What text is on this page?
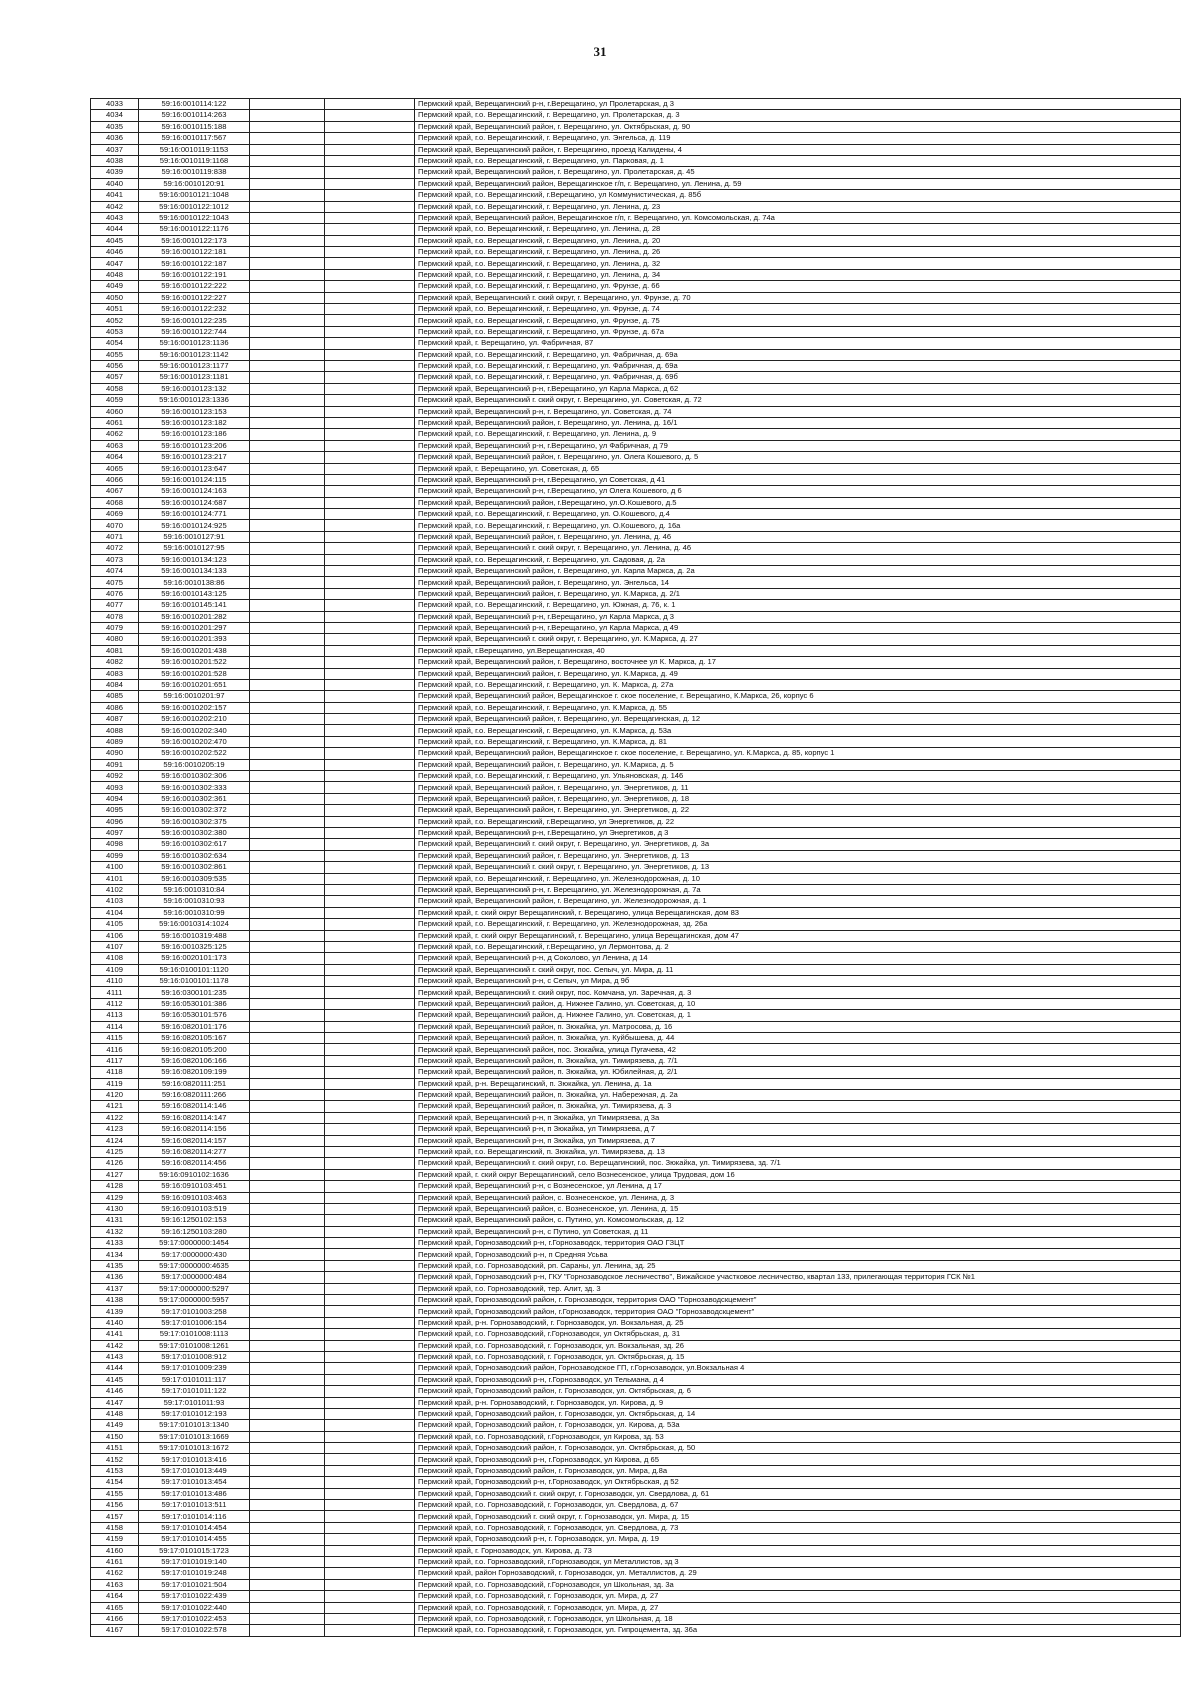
31
4033	59:16:0010114:122			Пермский край, Верещагинский р-н, г.Верещагино, ул Пролетарская, д 3
4034	59:16:0010114:263			Пермский край, г.о. Верещагинский, г. Верещагино, ул. Пролетарская, д. 3
4035	59:16:0010115:188			Пермский край, Верещагинский район, г. Верещагино, ул. Октябрьская, д. 90
4036	59:16:0010117:567			Пермский край, г.о. Верещагинский, г. Верещагино, ул. Энгельса, д. 119
4037	59:16:0010119:1153			Пермский край, Верещагинский район, г. Верещагино, проезд Калидены, 4
4038	59:16:0010119:1168			Пермский край, г.о. Верещагинский, г. Верещагино, ул. Парковая, д. 1
4039	59:16:0010119:838			Пермский край, Верещагинский район, г. Верещагино, ул. Пролетарская, д. 45
4040	59:16:0010120:91			Пермский край, Верещагинский район, Верещагинское г/п, г. Верещагино, ул. Ленина, д. 59
4041	59:16:0010121:1048			Пермский край, г.о. Верещагинский, г.Верещагино, ул Коммунистическая, д. 85б
4042	59:16:0010122:1012			Пермский край, г.о. Верещагинский, г. Верещагино, ул. Ленина, д. 23
4043	59:16:0010122:1043			Пермский край, Верещагинский район, Верещагинское г/п, г. Верещагино, ул. Комсомольская, д. 74а
4044	59:16:0010122:1176			Пермский край, г.о. Верещагинский, г. Верещагино, ул. Ленина, д. 28
4045	59:16:0010122:173			Пермский край, г.о. Верещагинский, г. Верещагино, ул. Ленина, д. 20
4046	59:16:0010122:181			Пермский край, г.о. Верещагинский, г. Верещагино, ул. Ленина, д. 26
4047	59:16:0010122:187			Пермский край, г.о. Верещагинский, г. Верещагино, ул. Ленина, д. 32
4048	59:16:0010122:191			Пермский край, г.о. Верещагинский, г. Верещагино, ул. Ленина, д. 34
4049	59:16:0010122:222			Пермский край, г.о. Верещагинский, г. Верещагино, ул. Фрунзе, д. 66
4050	59:16:0010122:227			Пермский край, Верещагинский г. ский округ, г. Верещагино, ул. Фрунзе, д. 70
4051	59:16:0010122:232			Пермский край, г.о. Верещагинский, г. Верещагино, ул. Фрунзе, д. 74
4052	59:16:0010122:235			Пермский край, г.о. Верещагинский, г. Верещагино, ул. Фрунзе, д. 75
4053	59:16:0010122:744			Пермский край, г.о. Верещагинский, г. Верещагино, ул. Фрунзе, д. 67а
4054	59:16:0010123:1136			Пермский край, г. Верещагино, ул. Фабричная, 87
4055	59:16:0010123:1142			Пермский край, г.о. Верещагинский, г. Верещагино, ул. Фабричная, д. 69а
4056	59:16:0010123:1177			Пермский край, г.о. Верещагинский, г. Верещагино, ул. Фабричная, д. 69а
4057	59:16:0010123:1181			Пермский край, г.о. Верещагинский, г. Верещагино, ул. Фабричная, д. 69б
4058	59:16:0010123:132			Пермский край, Верещагинский р-н, г.Верещагино, ул Карла Маркса, д 62
4059	59:16:0010123:1336			Пермский край, Верещагинский г. ский округ, г. Верещагино, ул. Советская, д. 72
4060	59:16:0010123:153			Пермский край, Верещагинский р-н, г. Верещагино, ул. Советская, д. 74
4061	59:16:0010123:182			Пермский край, Верещагинский район, г. Верещагино, ул. Ленина, д. 16/1
4062	59:16:0010123:186			Пермский край, г.о. Верещагинский, г. Верещагино, ул. Ленина, д. 9
4063	59:16:0010123:206			Пермский край, Верещагинский р-н, г.Верещагино, ул Фабричная, д 79
4064	59:16:0010123:217			Пермский край, Верещагинский район, г. Верещагино, ул. Олега Кошевого, д. 5
4065	59:16:0010123:647			Пермский край, г. Верещагино, ул. Советская, д. 65
4066	59:16:0010124:115			Пермский край, Верещагинский р-н, г.Верещагино, ул Советская, д 41
4067	59:16:0010124:163			Пермский край, Верещагинский р-н, г.Верещагино, ул Олега Кошевого, д 6
4068	59:16:0010124:687			Пермский край, Верещагинский район, г.Верещагино, ул.О.Кошевого, д.5
4069	59:16:0010124:771			Пермский край, г.о. Верещагинский, г. Верещагино, ул. О.Кошевого, д.4
4070	59:16:0010124:925			Пермский край, г.о. Верещагинский, г. Верещагино, ул. О.Кошевого, д. 16а
4071	59:16:0010127:91			Пермский край, Верещагинский район, г. Верещагино, ул. Ленина, д. 46
4072	59:16:0010127:95			Пермский край, Верещагинский г. ский округ, г. Верещагино, ул. Ленина, д. 46
4073	59:16:0010134:123			Пермский край, г.о. Верещагинский, г. Верещагино, ул. Садовая, д. 2а
4074	59:16:0010134:133			Пермский край, Верещагинский район, г. Верещагино, ул. Карла Маркса, д. 2а
4075	59:16:0010138:86			Пермский край, Верещагинский район, г. Верещагино, ул. Энгельса, 14
4076	59:16:0010143:125			Пермский край, Верещагинский район, г. Верещагино, ул. К.Маркса, д. 2/1
4077	59:16:0010145:141			Пермский край, г.о. Верещагинский, г. Верещагино, ул. Южная, д. 76, к. 1
4078	59:16:0010201:282			Пермский край, Верещагинский р-н, г.Верещагино, ул Карла Маркса, д 3
4079	59:16:0010201:297			Пермский край, Верещагинский р-н, г.Верещагино, ул Карла Маркса, д 49
4080	59:16:0010201:393			Пермский край, Верещагинский г. ский округ, г. Верещагино, ул. К.Маркса, д. 27
4081	59:16:0010201:438			Пермский край, г.Верещагино, ул.Верещагинская, 40
4082	59:16:0010201:522			Пермский край, Верещагинский район, г. Верещагино, восточнее ул К. Маркса, д. 17
4083	59:16:0010201:528			Пермский край, Верещагинский район, г. Верещагино, ул. К.Маркса, д. 49
4084	59:16:0010201:651			Пермский край, г.о. Верещагинский, г. Верещагино, ул. К. Маркса, д. 27а
4085	59:16:0010201:97			Пермский край, Верещагинский район, Верещагинское г. ское поселение, г. Верещагино, К.Маркса, 26, корпус 6
4086	59:16:0010202:157			Пермский край, г.о. Верещагинский, г. Верещагино, ул. К.Маркса, д. 55
4087	59:16:0010202:210			Пермский край, Верещагинский район, г. Верещагино, ул. Верещагинская, д. 12
4088	59:16:0010202:340			Пермский край, г.о. Верещагинский, г. Верещагино, ул. К.Маркса, д. 53а
4089	59:16:0010202:470			Пермский край, г.о. Верещагинский, г. Верещагино, ул. К.Маркса, д. 81
4090	59:16:0010202:522			Пермский край, Верещагинский район, Верещагинское г. ское поселение, г. Верещагино, ул. К.Маркса, д. 85, корпус 1
4091	59:16:0010205:19			Пермский край, Верещагинский район, г. Верещагино, ул. К.Маркса, д. 5
4092	59:16:0010302:306			Пермский край, г.о. Верещагинский, г. Верещагино, ул. Ульяновская, д. 146
4093	59:16:0010302:333			Пермский край, Верещагинский район, г. Верещагино, ул. Энергетиков, д. 11
4094	59:16:0010302:361			Пермский край, Верещагинский район, г. Верещагино, ул. Энергетиков, д. 18
4095	59:16:0010302:372			Пермский край, Верещагинский район, г. Верещагино, ул. Энергетиков, д. 22
4096	59:16:0010302:375			Пермский край, г.о. Верещагинский, г.Верещагино, ул Энергетиков, д. 22
4097	59:16:0010302:380			Пермский край, Верещагинский р-н, г.Верещагино, ул Энергетиков, д 3
4098	59:16:0010302:617			Пермский край, Верещагинский г. ский округ, г. Верещагино, ул. Энергетиков, д. 3а
4099	59:16:0010302:634			Пермский край, Верещагинский район, г. Верещагино, ул. Энергетиков, д. 13
4100	59:16:0010302:861			Пермский край, Верещагинский г. ский округ, г. Верещагино, ул. Энергетиков, д. 13
4101	59:16:0010309:535			Пермский край, г.о. Верещагинский, г. Верещагино, ул. Железнодорожная, д. 10
4102	59:16:0010310:84			Пермский край, Верещагинский р-н, г. Верещагино, ул. Железнодорожная, д. 7а
4103	59:16:0010310:93			Пермский край, Верещагинский район, г. Верещагино, ул. Железнодорожная, д. 1
4104	59:16:0010310:99			Пермский край, г. ский округ Верещагинский, г. Верещагино, улица Верещагинская, дом 83
4105	59:16:0010314:1024			Пермский край, г.о. Верещагинский, г. Верещагино, ул. Железнодорожная, зд. 26а
4106	59:16:0010319:488			Пермский край, г. ский округ Верещагинский, г. Верещагино, улица Верещагинская, дом 47
4107	59:16:0010325:125			Пермский край, г.о. Верещагинский, г.Верещагино, ул Лермонтова, д. 2
4108	59:16:0020101:173			Пермский край, Верещагинский р-н, д Соколово, ул Ленина, д 14
4109	59:16:0100101:1120			Пермский край, Верещагинский г. ский округ, пос. Сепыч, ул. Мира, д. 11
4110	59:16:0100101:1178			Пермский край, Верещагинский р-н, с Сепыч, ул Мира, д 9б
4111	59:16:0300101:235			Пермский край, Верещагинский г. ский округ, пос. Комчана, ул. Заречная, д. 3
4112	59:16:0530101:386			Пермский край, Верещагинский район, д. Нижнее Галино, ул. Советская, д. 10
4113	59:16:0530101:576			Пермский край, Верещагинский район, д. Нижнее Галино, ул. Советская, д. 1
4114	59:16:0820101:176			Пермский край, Верещагинский район, п. Зюкайка, ул. Матросова, д. 16
4115	59:16:0820105:167			Пермский край, Верещагинский район, п. Зюкайка, ул. Куйбышева, д. 44
4116	59:16:0820105:200			Пермский край, Верещагинский район, пос. Зюкайка, улица Пугачева, 42
4117	59:16:0820106:166			Пермский край, Верещагинский район, п. Зюкайка, ул. Тимирязева, д. 7/1
4118	59:16:0820109:199			Пермский край, Верещагинский район, п. Зюкайка, ул. Юбилейная, д. 2/1
4119	59:16:0820111:251			Пермский край, р-н. Верещагинский, п. Зюкайка, ул. Ленина, д. 1а
4120	59:16:0820111:266			Пермский край, Верещагинский район, п. Зюкайка, ул. Набережная, д. 2а
4121	59:16:0820114:146			Пермский край, Верещагинский район, п. Зюкайка, ул. Тимирязева, д. 3
4122	59:16:0820114:147			Пермский край, Верещагинский р-н, п Зюкайка, ул Тимирязева, д 3а
4123	59:16:0820114:156			Пермский край, Верещагинский р-н, п Зюкайка, ул Тимирязева, д 7
4124	59:16:0820114:157			Пермский край, Верещагинский р-н, п Зюкайка, ул Тимирязева, д 7
4125	59:16:0820114:277			Пермский край, г.о. Верещагинский, п. Зюкайка, ул. Тимирязева, д. 13
4126	59:16:0820114:456			Пермский край, Верещагинский г. ский округ, г.о. Верещагинский, пос. Зюкайка, ул. Тимирязева, зд. 7/1
4127	59:16:0910102:1636			Пермский край, г. ский округ Верещагинский, село Вознесенское, улица Трудовая, дом 16
4128	59:16:0910103:451			Пермский край, Верещагинский р-н, с Вознесенское, ул Ленина, д 17
4129	59:16:0910103:463			Пермский край, Верещагинский район, с. Вознесенское, ул. Ленина, д. 3
4130	59:16:0910103:519			Пермский край, Верещагинский район, с. Вознесенское, ул. Ленина, д. 15
4131	59:16:1250102:153			Пермский край, Верещагинский район, с. Путино, ул. Комсомольская, д. 12
4132	59:16:1250103:280			Пермский край, Верещагинский р-н, с Путино, ул Советская, д 11
4133	59:17:0000000:1454			Пермский край, Горнозаводский р-н, г.Горнозаводск, территория ОАО ГЗЦТ
4134	59:17:0000000:430			Пермский край, Горнозаводский р-н, п Средняя Усьва
4135	59:17:0000000:4635			Пермский край, г.о. Горнозаводский, рп. Сараны, ул. Ленина, зд. 25
4136	59:17:0000000:484			Пермский край, Горнозаводский р-н, ГКУ "Горнозаводское лесничество", Вижайское участковое лесничество, квартал 133, прилегающая территория ГСК №1
4137	59:17:0000000:5297			Пермский край, г.о. Горнозаводский, тер. Алит, зд. 3
4138	59:17:0000000:5957			Пермский край, Горнозаводский район, г. Горнозаводск, территория ОАО "Горнозаводскцемент"
4139	59:17:0101003:258			Пермский край, Горнозаводский район, г.Горнозаводск, территория ОАО "Горнозаводскцемент"
4140	59:17:0101006:154			Пермский край, р-н. Горнозаводский, г. Горнозаводск, ул. Вокзальная, д. 25
4141	59:17:0101008:1113			Пермский край, г.о. Горнозаводский, г.Горнозаводск, ул Октябрьская, д. 31
4142	59:17:0101008:1261			Пермский край, г.о. Горнозаводский, г. Горнозаводск, ул. Вокзальная, зд. 26
4143	59:17:0101008:912			Пермский край, г.о. Горнозаводский, г. Горнозаводск, ул. Октябрьская, д. 15
4144	59:17:0101009:239			Пермский край, Горнозаводский район, Горнозаводское ГП, г.Горнозаводск, ул.Вокзальная 4
4145	59:17:0101011:117			Пермский край, Горнозаводский р-н, г.Горнозаводск, ул Тельмана, д 4
4146	59:17:0101011:122			Пермский край, Горнозаводский район, г. Горнозаводск, ул. Октябрьская, д. 6
4147	59:17:0101011:93			Пермский край, р-н. Горнозаводский, г. Горнозаводск, ул. Кирова, д. 9
4148	59:17:0101012:193			Пермский край, Горнозаводский район, г. Горнозаводск, ул. Октябрьская, д. 14
4149	59:17:0101013:1340			Пермский край, Горнозаводский район, г. Горнозаводск, ул. Кирова, д. 53а
4150	59:17:0101013:1669			Пермский край, г.о. Горнозаводский, г.Горнозаводск, ул Кирова, зд. 53
4151	59:17:0101013:1672			Пермский край, Горнозаводский район, г. Горнозаводск, ул. Октябрьская, д. 50
4152	59:17:0101013:416			Пермский край, Горнозаводский р-н, г.Горнозаводск, ул Кирова, д 65
4153	59:17:0101013:449			Пермский край, Горнозаводский район, г. Горнозаводск, ул. Мира, д.8а
4154	59:17:0101013:454			Пермский край, Горнозаводский р-н, г.Горнозаводск, ул Октябрьская, д 52
4155	59:17:0101013:486			Пермский край, Горнозаводский г. ский округ, г. Горнозаводск, ул. Свердлова, д. 61
4156	59:17:0101013:511			Пермский край, г.о. Горнозаводский, г. Горнозаводск, ул. Свердлова, д. 67
4157	59:17:0101014:116			Пермский край, Горнозаводский г. ский округ, г. Горнозаводск, ул. Мира, д. 15
4158	59:17:0101014:454			Пермский край, г.о. Горнозаводский, г. Горнозаводск, ул. Свердлова, д. 73
4159	59:17:0101014:455			Пермский край, Горнозаводский р-н, г. Горнозаводск, ул. Мира, д. 19
4160	59:17:0101015:1723			Пермский край, г. Горнозаводск, ул. Кирова, д. 73
4161	59:17:0101019:140			Пермский край, г.о. Горнозаводский, г.Горнозаводск, ул Металлистов, зд 3
4162	59:17:0101019:248			Пермский край, район Горнозаводский, г. Горнозаводск, ул. Металлистов, д. 29
4163	59:17:0101021:504			Пермский край, г.о. Горнозаводский, г.Горнозаводск, ул Школьная, зд. 3а
4164	59:17:0101022:439			Пермский край, г.о. Горнозаводский, г. Горнозаводск, ул. Мира, д. 27
4165	59:17:0101022:440			Пермский край, г.о. Горнозаводский, г. Горнозаводск, ул. Мира, д. 27
4166	59:17:0101022:453			Пермский край, г.о. Горнозаводский, г. Горнозаводск, ул Школьная, д. 18
4167	59:17:0101022:578			Пермский край, г.о. Горнозаводский, г. Горнозаводск, ул. Гипроцемента, зд. 36а
